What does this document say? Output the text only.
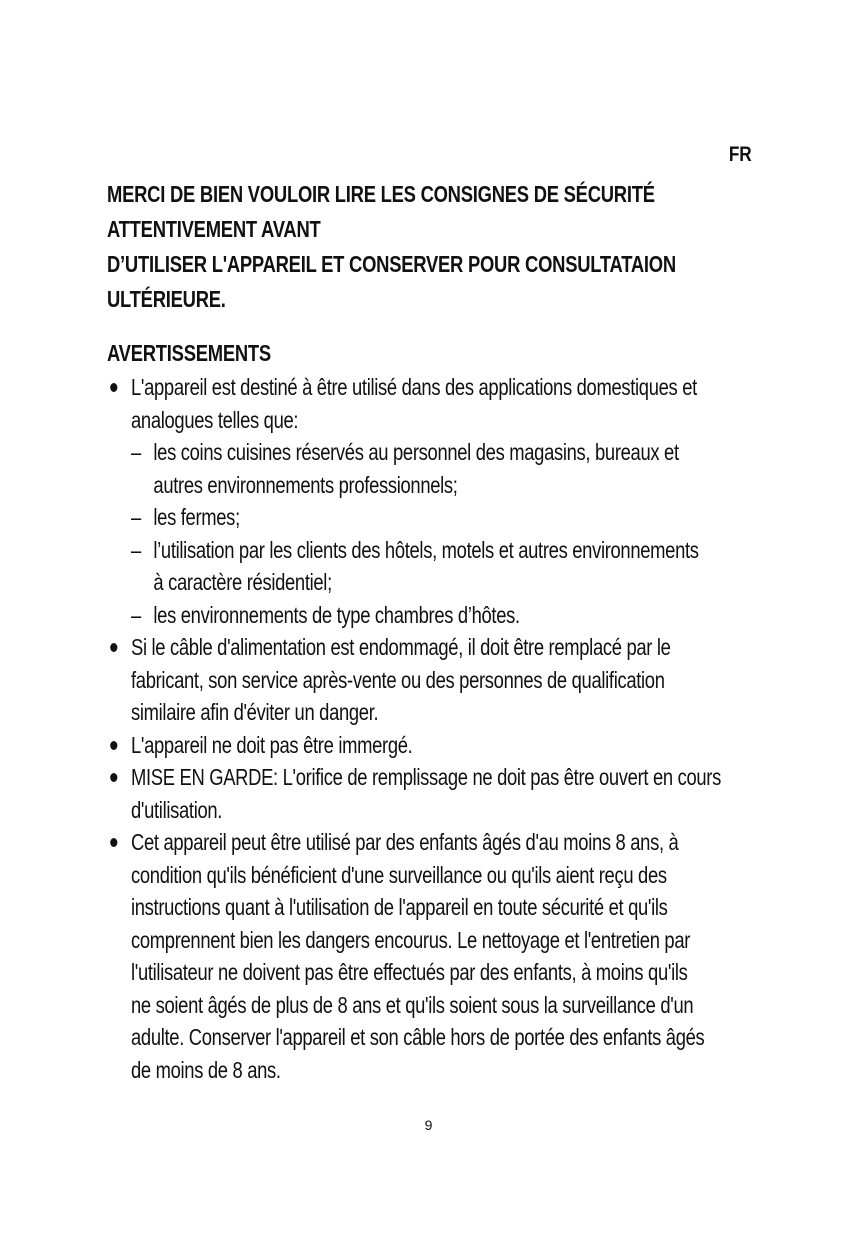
FR
MERCI DE BIEN VOULOIR LIRE LES CONSIGNES DE SÉCURITÉ
ATTENTIVEMENT AVANT
D’UTILISER L'APPAREIL ET CONSERVER POUR CONSULTATAION
ULTÉRIEURE.
AVERTISSEMENTS
L'appareil est destiné à être utilisé dans des applications domestiques et
analogues telles que:
– les coins cuisines réservés au personnel des magasins, bureaux et
autres environnements professionnels;
– les fermes;
– l’utilisation par les clients des hôtels, motels et autres environnements
à caractère résidentiel;
– les environnements de type chambres d’hôtes.
Si le câble d'alimentation est endommagé, il doit être remplacé par le
fabricant, son service après-vente ou des personnes de qualification
similaire afin d'éviter un danger.
L'appareil ne doit pas être immergé.
MISE EN GARDE: L'orifice de remplissage ne doit pas être ouvert en cours
d'utilisation.
Cet appareil peut être utilisé par des enfants âgés d'au moins 8 ans, à
condition qu'ils bénéficient d'une surveillance ou qu'ils aient reçu des
instructions quant à l'utilisation de l'appareil en toute sécurité et qu'ils
comprennent bien les dangers encourus. Le nettoyage et l'entretien par
l'utilisateur ne doivent pas être effectués par des enfants, à moins qu'ils
ne soient âgés de plus de 8 ans et qu'ils soient sous la surveillance d'un
adulte. Conserver l'appareil et son câble hors de portée des enfants âgés
de moins de 8 ans.
9
